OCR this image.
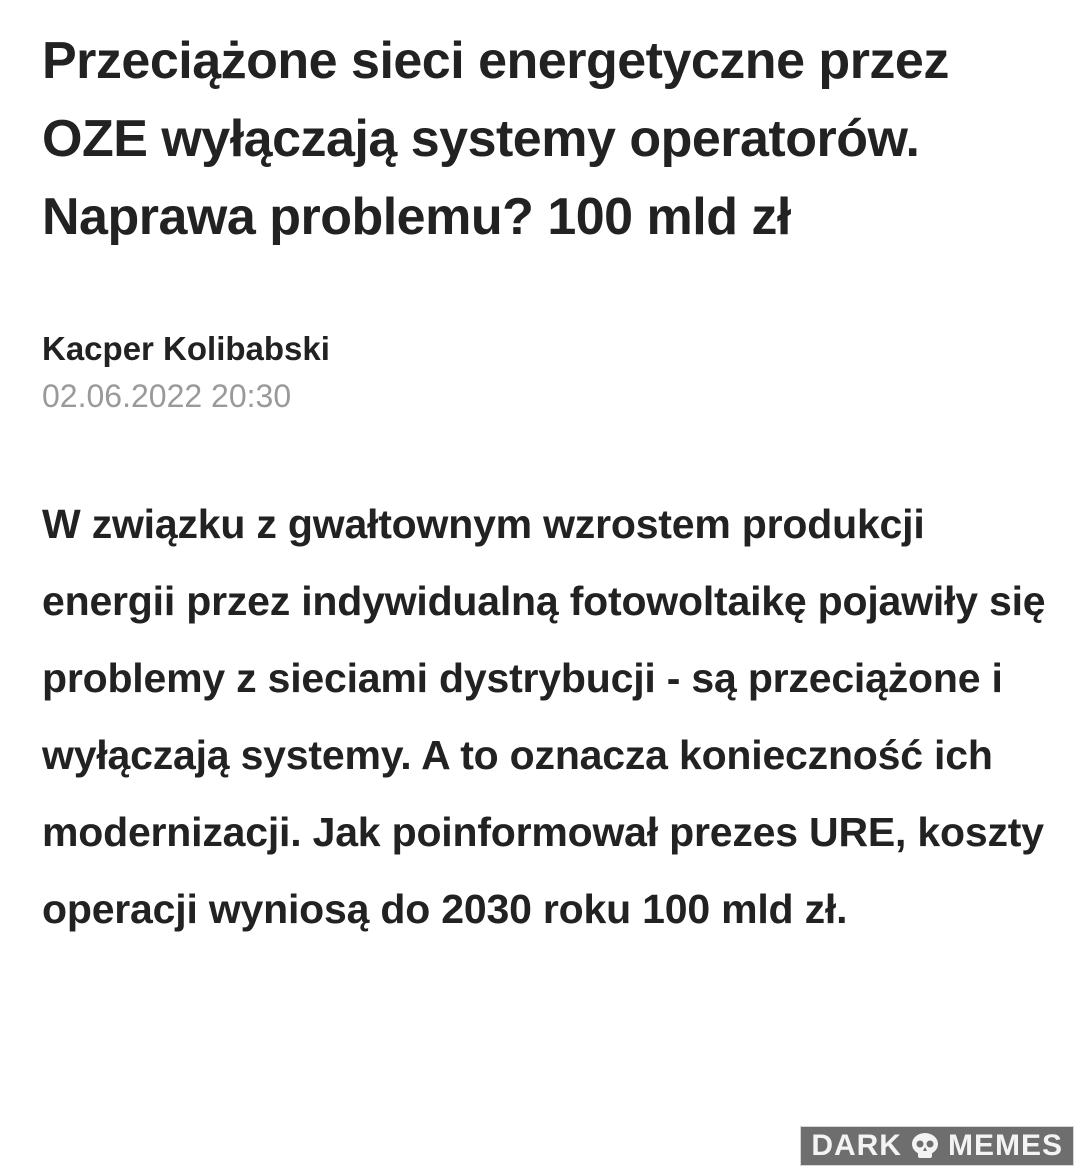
Przeciążone sieci energetyczne przez OZE wyłączają systemy operatorów. Naprawa problemu? 100 mld zł
Kacper Kolibabski
02.06.2022 20:30

W związku z gwałtownym wzrostem produkcji energii przez indywidualną fotowoltaikę pojawiły się problemy z sieciami dystrybucji - są przeciążone i wyłączają systemy. A to oznacza konieczność ich modernizacji. Jak poinformował prezes URE, koszty operacji wyniosą do 2030 roku 100 mld zł.

DARK MEMES
